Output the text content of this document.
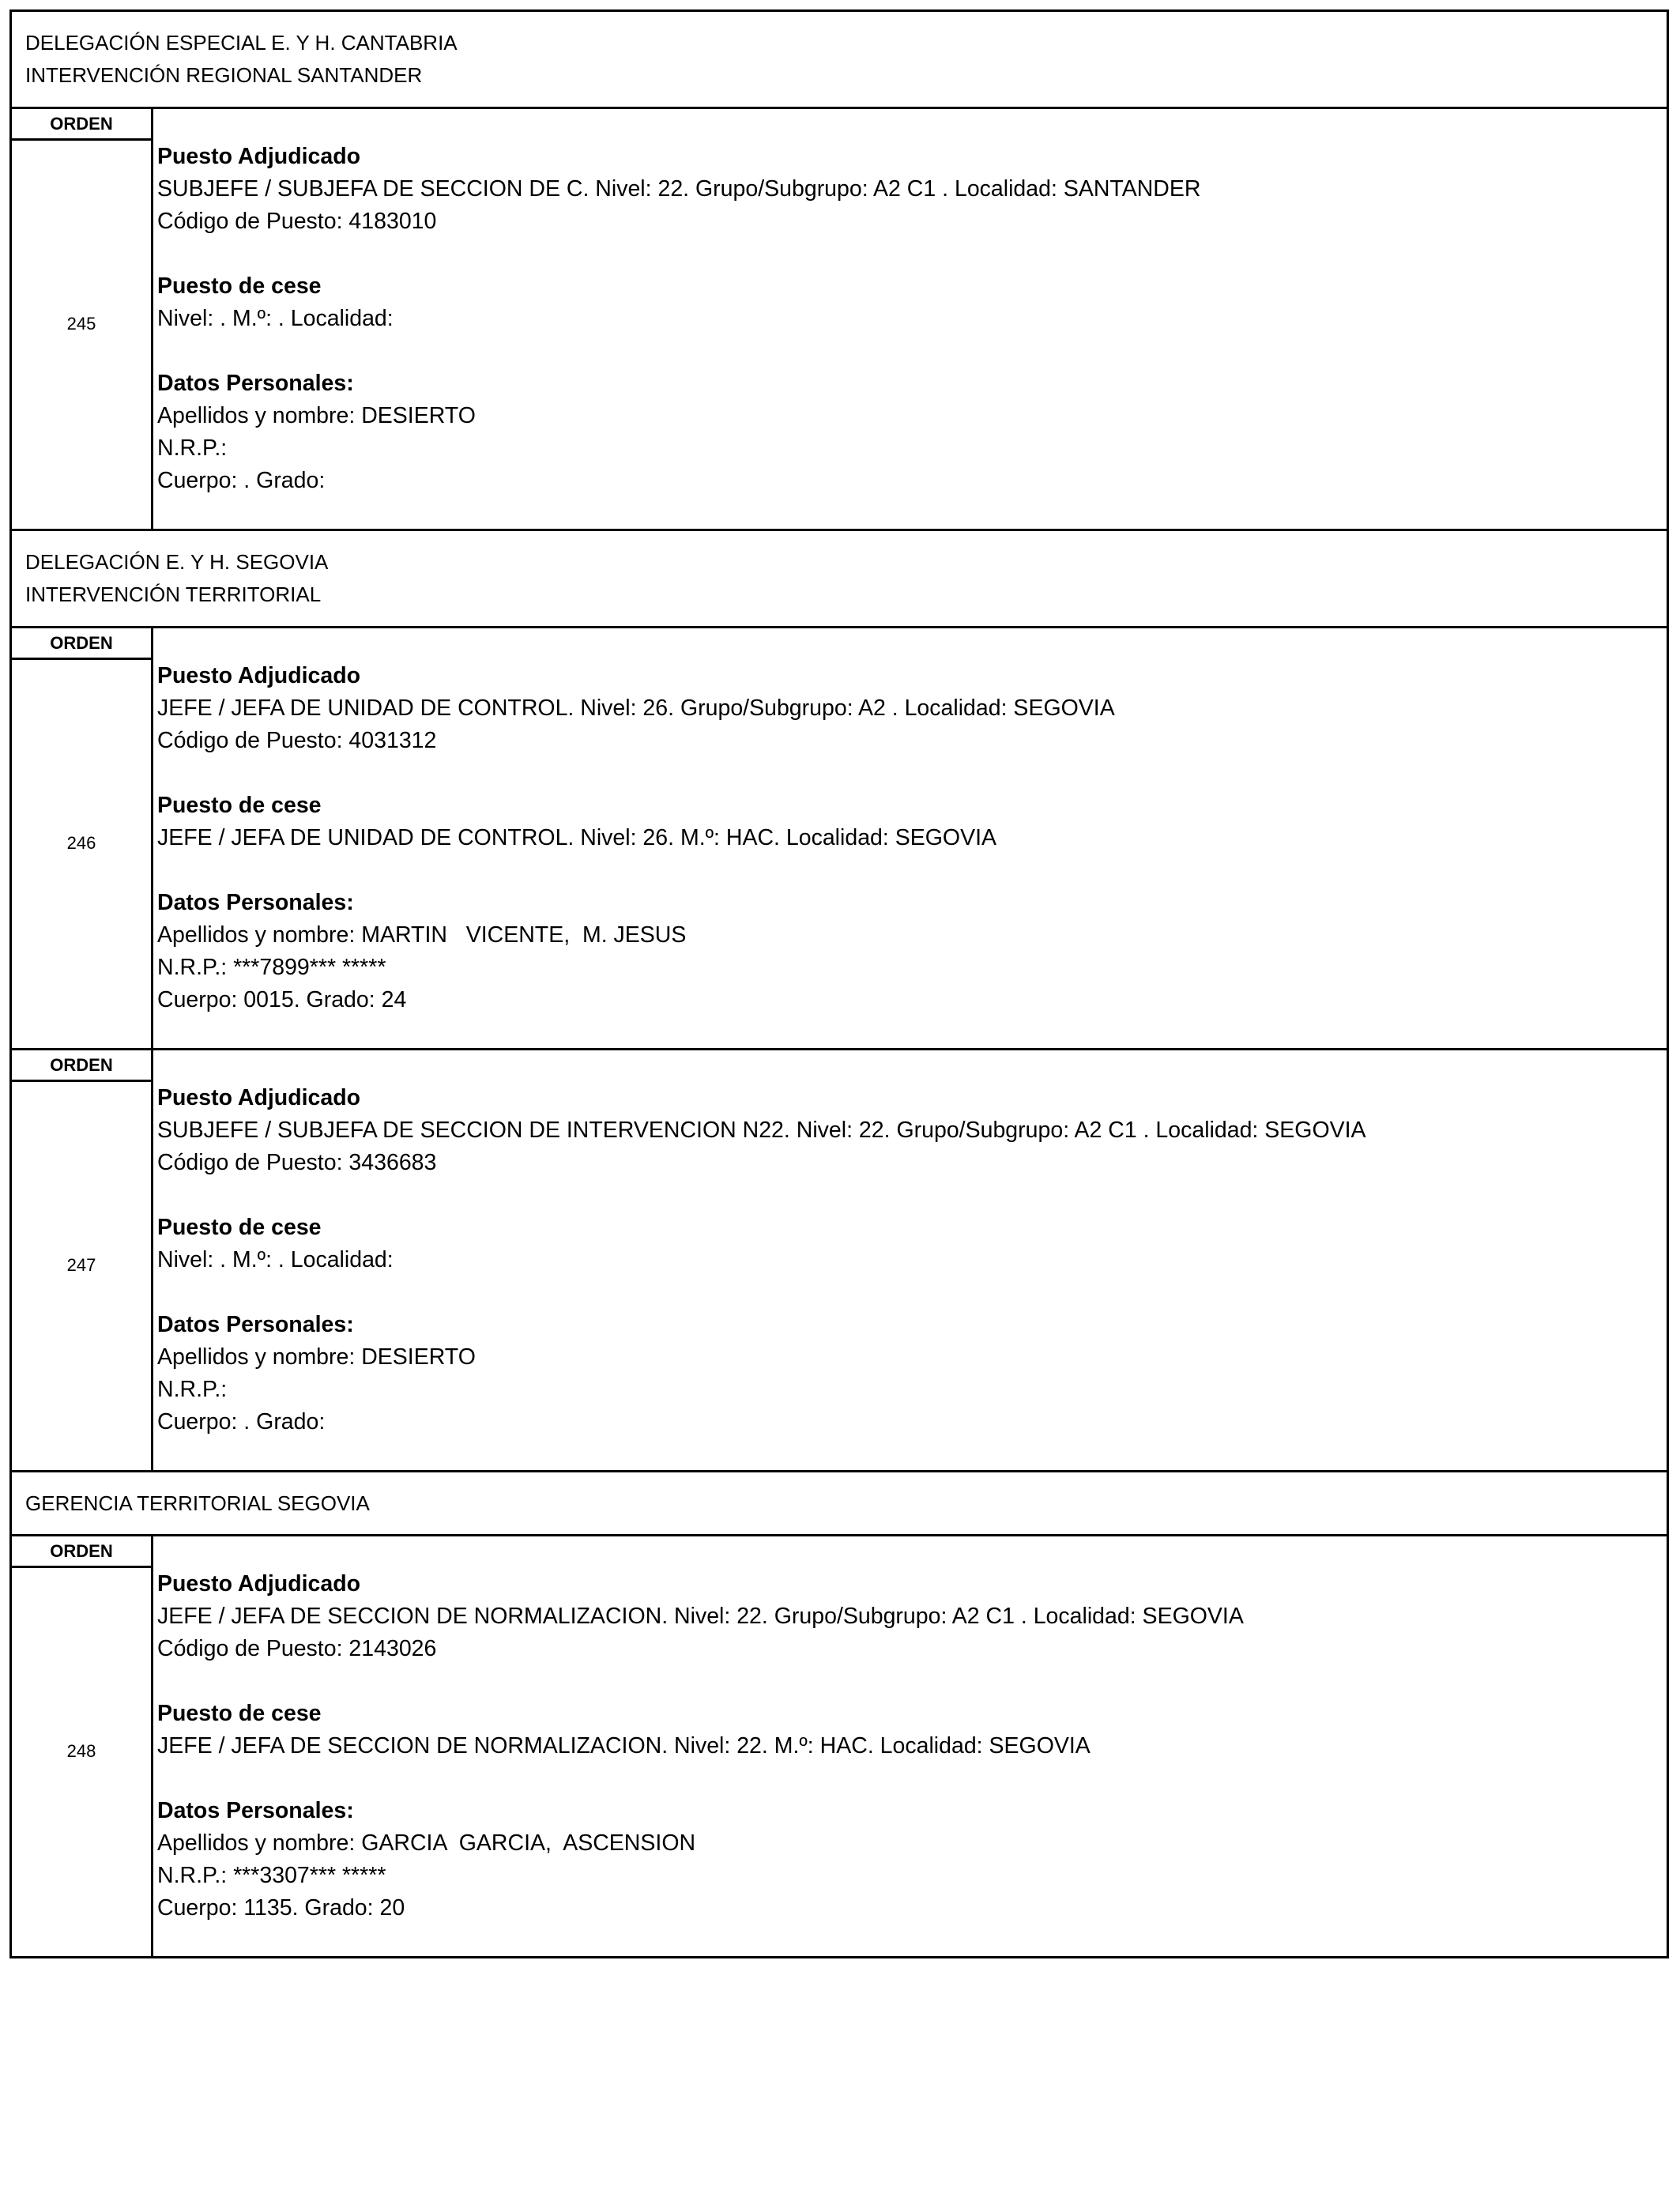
DELEGACIÓN ESPECIAL E. Y H. CANTABRIA
INTERVENCIÓN REGIONAL SANTANDER
ORDEN
245
Puesto Adjudicado
SUBJEFE / SUBJEFA DE SECCION DE C. Nivel: 22. Grupo/Subgrupo: A2 C1 . Localidad: SANTANDER
Código de Puesto: 4183010
Puesto de cese
Nivel: . M.º: . Localidad:
Datos Personales:
Apellidos y nombre: DESIERTO
N.R.P.:
Cuerpo: . Grado:
DELEGACIÓN E. Y H. SEGOVIA
INTERVENCIÓN TERRITORIAL
ORDEN
246
Puesto Adjudicado
JEFE / JEFA DE UNIDAD DE CONTROL. Nivel: 26. Grupo/Subgrupo: A2 . Localidad: SEGOVIA
Código de Puesto: 4031312
Puesto de cese
JEFE / JEFA DE UNIDAD DE CONTROL. Nivel: 26. M.º: HAC. Localidad: SEGOVIA
Datos Personales:
Apellidos y nombre: MARTIN   VICENTE,  M. JESUS
N.R.P.: ***7899*** *****
Cuerpo: 0015. Grado: 24
ORDEN
247
Puesto Adjudicado
SUBJEFE / SUBJEFA DE SECCION DE INTERVENCION N22. Nivel: 22. Grupo/Subgrupo: A2 C1 . Localidad: SEGOVIA
Código de Puesto: 3436683
Puesto de cese
Nivel: . M.º: . Localidad:
Datos Personales:
Apellidos y nombre: DESIERTO
N.R.P.:
Cuerpo: . Grado:
GERENCIA TERRITORIAL SEGOVIA
ORDEN
248
Puesto Adjudicado
JEFE / JEFA DE SECCION DE NORMALIZACION. Nivel: 22. Grupo/Subgrupo: A2 C1 . Localidad: SEGOVIA
Código de Puesto: 2143026
Puesto de cese
JEFE / JEFA DE SECCION DE NORMALIZACION. Nivel: 22. M.º: HAC. Localidad: SEGOVIA
Datos Personales:
Apellidos y nombre: GARCIA  GARCIA,  ASCENSION
N.R.P.: ***3307*** *****
Cuerpo: 1135. Grado: 20
